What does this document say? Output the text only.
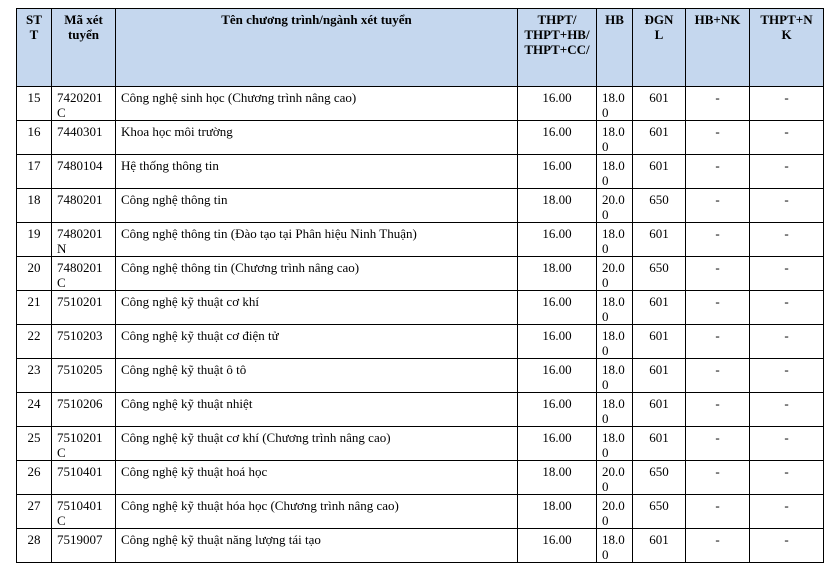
STT	Mã xét tuyển	Tên chương trình/ngành xét tuyển	THPT/ THPT+HB/ THPT+CC/	HB	ĐGNL	HB+NK	THPT+NK
15	7420201C	Công nghệ sinh học (Chương trình nâng cao)	16.00	18.00	601	-	-
16	7440301	Khoa học môi trường	16.00	18.00	601	-	-
17	7480104	Hệ thống thông tin	16.00	18.00	601	-	-
18	7480201	Công nghệ thông tin	18.00	20.00	650	-	-
19	7480201N	Công nghệ thông tin (Đào tạo tại Phân hiệu Ninh Thuận)	16.00	18.00	601	-	-
20	7480201C	Công nghệ thông tin (Chương trình nâng cao)	18.00	20.00	650	-	-
21	7510201	Công nghệ kỹ thuật cơ khí	16.00	18.00	601	-	-
22	7510203	Công nghệ kỹ thuật cơ điện tử	16.00	18.00	601	-	-
23	7510205	Công nghệ kỹ thuật ô tô	16.00	18.00	601	-	-
24	7510206	Công nghệ kỹ thuật nhiệt	16.00	18.00	601	-	-
25	7510201C	Công nghệ kỹ thuật cơ khí (Chương trình nâng cao)	16.00	18.00	601	-	-
26	7510401	Công nghệ kỹ thuật hoá học	18.00	20.00	650	-	-
27	7510401C	Công nghệ kỹ thuật hóa học (Chương trình nâng cao)	18.00	20.00	650	-	-
28	7519007	Công nghệ kỹ thuật năng lượng tái tạo	16.00	18.00	601	-	-
